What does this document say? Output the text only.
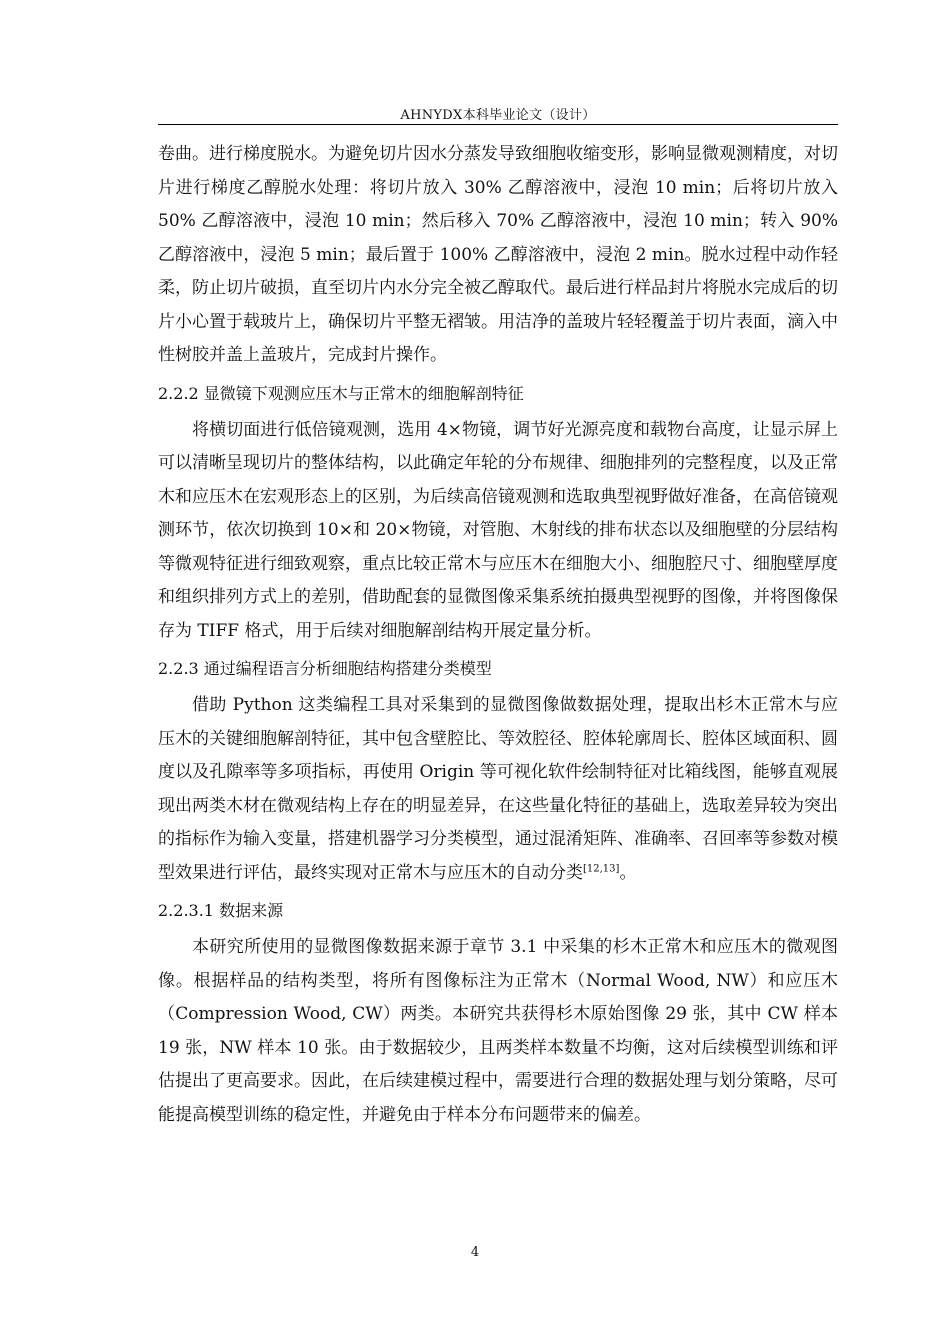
AHNYDX本科毕业论文（设计）

卷曲。进行梯度脱水。为避免切片因水分蒸发导致细胞收缩变形，影响显微观测精度，对切片进行梯度乙醇脱水处理：将切片放入 30% 乙醇溶液中，浸泡 10 min；后将切片放入 50% 乙醇溶液中，浸泡 10 min；然后移入 70% 乙醇溶液中，浸泡 10 min；转入 90% 乙醇溶液中，浸泡 5 min；最后置于 100% 乙醇溶液中，浸泡 2 min。脱水过程中动作轻柔，防止切片破损，直至切片内水分完全被乙醇取代。最后进行样品封片将脱水完成后的切片小心置于载玻片上，确保切片平整无褶皱。用洁净的盖玻片轻轻覆盖于切片表面，滴入中性树胶并盖上盖玻片，完成封片操作。

2.2.2 显微镜下观测应压木与正常木的细胞解剖特征

将横切面进行低倍镜观测，选用 4×物镜，调节好光源亮度和载物台高度，让显示屏上可以清晰呈现切片的整体结构，以此确定年轮的分布规律、细胞排列的完整程度，以及正常木和应压木在宏观形态上的区别，为后续高倍镜观测和选取典型视野做好准备，在高倍镜观测环节，依次切换到 10×和 20×物镜，对管胞、木射线的排布状态以及细胞壁的分层结构等微观特征进行细致观察，重点比较正常木与应压木在细胞大小、细胞腔尺寸、细胞壁厚度和组织排列方式上的差别，借助配套的显微图像采集系统拍摄典型视野的图像，并将图像保存为 TIFF 格式，用于后续对细胞解剖结构开展定量分析。

2.2.3 通过编程语言分析细胞结构搭建分类模型

借助 Python 这类编程工具对采集到的显微图像做数据处理，提取出杉木正常木与应压木的关键细胞解剖特征，其中包含壁腔比、等效腔径、腔体轮廓周长、腔体区域面积、圆度以及孔隙率等多项指标，再使用 Origin 等可视化软件绘制特征对比箱线图，能够直观展现出两类木材在微观结构上存在的明显差异，在这些量化特征的基础上，选取差异较为突出的指标作为输入变量，搭建机器学习分类模型，通过混淆矩阵、准确率、召回率等参数对模型效果进行评估，最终实现对正常木与应压木的自动分类[12,13]。

2.2.3.1 数据来源

本研究所使用的显微图像数据来源于章节 3.1 中采集的杉木正常木和应压木的微观图像。根据样品的结构类型，将所有图像标注为正常木（Normal Wood, NW）和应压木（Compression Wood, CW）两类。本研究共获得杉木原始图像 29 张，其中 CW 样本 19 张，NW 样本 10 张。由于数据较少，且两类样本数量不均衡，这对后续模型训练和评估提出了更高要求。因此，在后续建模过程中，需要进行合理的数据处理与划分策略，尽可能提高模型训练的稳定性，并避免由于样本分布问题带来的偏差。

4
